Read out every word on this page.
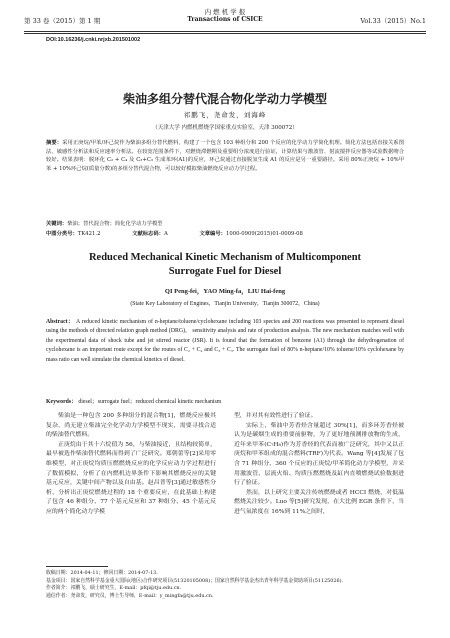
第 33 卷（2015）第 1 期
内 燃 机 学 报
Transactions of CSICE	Vol.33（2015）No.1
DOI:10.16236/j.cnki.nrjxb.201501002
柴油多组分替代混合物化学动力学模型
祁鹏飞，尧命发，刘海峰
（天津大学 内燃机燃烧学国家重点实验室，天津 300072）
摘要：采用正庚烷/甲苯/环己烷作为柴油多组分替代燃料，构建了一个包含 103 种组分和 200 个反应的化学动力学简化机理。简化方法包括直接关系图法、敏感性分析法和反应速率分析法。在较宽范围条件下，对燃烧滞燃期及重要组分浓度进行验证，计算结果与激波管、射流搅拌反应器等试验数据吻合较好。结果表明：脱环化 C₂ + C₄ 及 C₃+C₃ 生成苯环(A1)的反应，环己烷通过直接脱氢生成 A1 的反应是另一重要路径。采用 80%正庚烷 + 10%甲苯 + 10%环己烷(质量分数)的多组分替代混合物，可以较好模拟柴油燃烧反应动力学过程。
关键词：柴油；替代混合物；简化化学动力学模型
中图分类号：TK421.2	文献标志码：A	文章编号：1000-0909(2015)01-0009-08
Reduced Mechanical Kinetic Mechanism of Multicomponent
Surrogate Fuel for Diesel
QI Peng-fei，YAO Ming-fa，LIU Hai-feng
(State Key Laboratory of Engines，Tianjin University，Tianjin 300072，China)
Abstract： A reduced kinetic mechanism of n-heptane/toluene/cyclohexane including 103 species and 200 reactions was presented to represent diesel using the methods of directed relation graph method (DRG)， sensitivity analysis and rate of production analysis. The new mechanism matches well with the experimental data of shock tube and jet stirred reactor (JSR). It is found that the formation of benzene (A1) through the dehydrogenation of cyclohexane is an important route except for the routes of C₂ + C₄ and C₃ + C₃. The surrogate fuel of 80% n-heptane/10% toluene/10% cyclohexane by mass ratio can well simulate the chemical kinetics of diesel.
Keywords： diesel；surrogate fuel；reduced chemical kinetic mechanism

柴油是一种包含 200 多种组分的混合物[1]，燃烧反应极其复杂，尚无建立柴油完全化学动力学模型不现实，需要寻找合适的柴油替代燃料。

正庚烷由于其十六烷值为 56，与柴油接近，且结构较简单，最早被选作柴油替代燃料而得到了广泛研究。郑朝蕾等[2]采用零维模型，对正庚烷均质压燃燃烧反应的化学反应动力学过程进行了数值模拟，分析了在内燃机边界条件下影响其燃烧反应的关键基元反应，关键中间产物以及自由基。赵昌普等[3]通过敏感性分析，分析出正庚烷燃烧过程的 18 个重要反应，在此基础上构建了包含 46 种组分、77 个基元反应和 37 种组分、45 个基元反应的两个简化动力学模

型，并对其有效性进行了验证。

实际上，柴油中芳香烃含量超过 30%[1]，而多环芳香烃被认为是碳烟生成的重要前驱物，为了更好地预测排放物的生成，近年来甲苯(C₇H₈)作为芳香烃的代表而被广泛研究，其中又以正庚烷和甲苯组成的混合燃料(TRF)为代表。Wang 等[4]发展了包含 71 种组分、360 个反应的正庚烷/甲苯简化动力学模型，并采用激波管、层流火焰、均质压燃燃烧及缸内直喷燃烧试验数据进行了验证。

然而，以上研究主要关注传统燃烧或者 HCCI 燃烧，对低温燃烧关注较少。Luo 等[5]研究发现，在大比例 EGR 条件下，当进气氧浓度在 16%到 11%之间时，

收稿日期：2014-04-11；修回日期：2014-07-13.

基金项目：国家自然科学基金重大国际(地区)合作研究项目(51320105008)；国家自然科学基金杰出青年科学基金资助项目(51125026).

作者简介：祁鹏飞，硕士研究生，E-mail：pfqi@tju.edu.cn.

通信作者：尧命发，研究员，博士生导师，E-mail：y_mingfa@tju.edu.cn.
